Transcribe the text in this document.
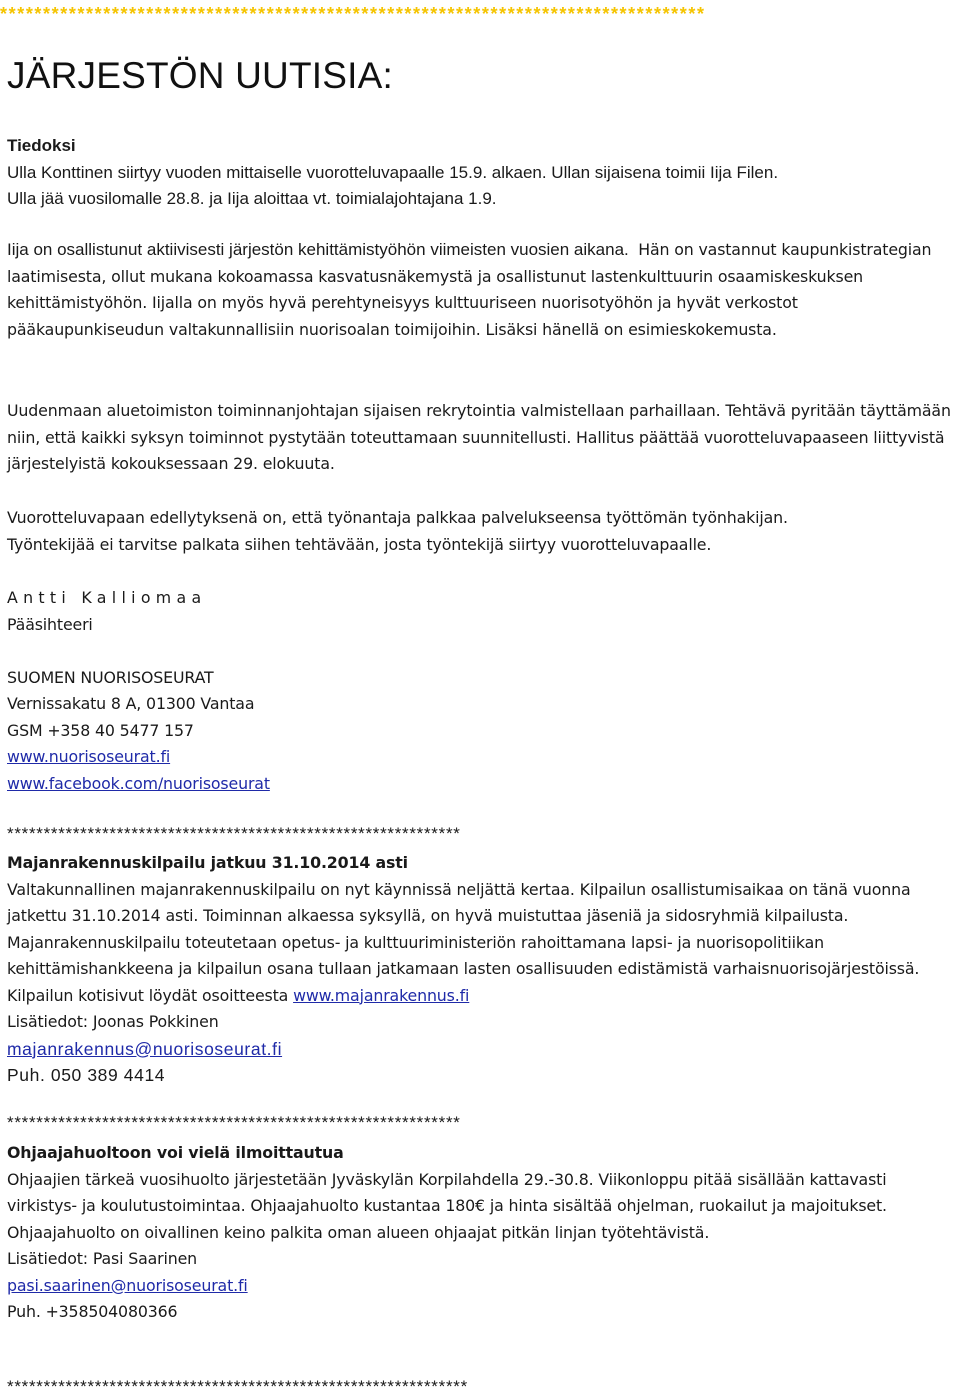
**********************************************************************************
JÄRJESTÖN UUTISIA:

Tiedoksi

Ulla Konttinen siirtyy vuoden mittaiselle vuorotteluvapaalle 15.9. alkaen. Ullan sijaisena toimii Iija Filen.

Ulla jää vuosilomalle 28.8. ja Iija aloittaa vt. toimialajohtajana 1.9.

Iija on osallistunut aktiivisesti järjestön kehittämistyöhön viimeisten vuosien aikana. Hän on vastannut kaupunkistrategian laatimisesta, ollut mukana kokoamassa kasvatusnäkemystä ja osallistunut lastenkulttuurin osaamiskeskuksen kehittämistyöhön. Iijalla on myös hyvä perehtyneisyys kulttuuriseen nuorisotyöhön ja hyvät verkostot pääkaupunkiseudun valtakunnallisiin nuorisoalan toimijoihin. Lisäksi hänellä on esimieskokemusta.

Uudenmaan aluetoimiston toiminnanjohtajan sijaisen rekrytointia valmistellaan parhaillaan. Tehtävä pyritään täyttämään niin, että kaikki syksyn toiminnot pystytään toteuttamaan suunnitellusti. Hallitus päättää vuorotteluvapaaseen liittyvistä järjestelyistä kokouksessaan 29. elokuuta.

Vuorotteluvapaan edellytyksenä on, että työnantaja palkkaa palvelukseensa työttömän työnhakijan.

Työntekijää ei tarvitse palkata siihen tehtävään, josta työntekijä siirtyy vuorotteluvapaalle.

Antti Kalliomaa

Pääsihteeri

SUOMEN NUORISOSEURAT

Vernissakatu 8 A, 01300 Vantaa

GSM +358 40 5477 157

www.nuorisoseurat.fi

www.facebook.com/nuorisoseurat

**************************************************************

Majanrakennuskilpailu jatkuu 31.10.2014 asti

Valtakunnallinen majanrakennuskilpailu on nyt käynnissä neljättä kertaa. Kilpailun osallistumisaikaa on tänä vuonna jatkettu 31.10.2014 asti. Toiminnan alkaessa syksyllä, on hyvä muistuttaa jäseniä ja sidosryhmiä kilpailusta. Majanrakennuskilpailu toteutetaan opetus- ja kulttuuriministeriön rahoittamana lapsi- ja nuorisopolitiikan kehittämishankkeena ja kilpailun osana tullaan jatkamaan lasten osallisuuden edistämistä varhaisnuorisojärjestöissä. Kilpailun kotisivut löydät osoitteesta www.majanrakennus.fi

Lisätiedot: Joonas Pokkinen

majanrakennus@nuorisoseurat.fi

Puh. 050 389 4414

**************************************************************

Ohjaajahuoltoon voi vielä ilmoittautua

Ohjaajien tärkeä vuosihuolto järjestetään Jyväskylän Korpilahdella 29.-30.8. Viikonloppu pitää sisällään kattavasti virkistys- ja koulutustoimintaa. Ohjaajahuolto kustantaa 180€ ja hinta sisältää ohjelman, ruokailut ja majoitukset. Ohjaajahuolto on oivallinen keino palkita oman alueen ohjaajat pitkän linjan työtehtävistä.

Lisätiedot: Pasi Saarinen

pasi.saarinen@nuorisoseurat.fi

Puh. +358504080366

***************************************************************
